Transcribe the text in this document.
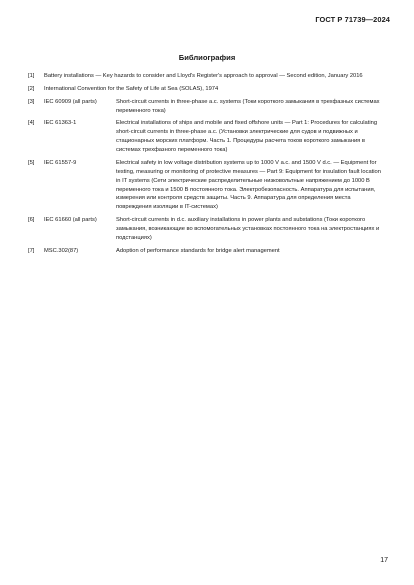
ГОСТ Р 71739—2024
Библиография
[1]	Battery installations — Key hazards to consider and Lloyd's Register's approach to approval — Second edition, January 2016
[2]	International Convention for the Safety of Life at Sea (SOLAS), 1974
[3]	IEC 60909 (all parts)	Short-circuit currents in three-phase a.c. systems (Токи короткого замыкания в трехфазных системах переменного тока)
[4]	IEC 61363-1	Electrical installations of ships and mobile and fixed offshore units — Part 1: Procedures for calculating short-circuit currents in three-phase a.c. (Установки электрические для судов и подвижных и стационарных морских платформ. Часть 1. Процедуры расчета токов короткого замыкания в системах трехфазного переменного тока)
[5]	IEC 61557-9	Electrical safety in low voltage distribution systems up to 1000 V a.c. and 1500 V d.c. — Equipment for testing, measuring or monitoring of protective measures — Part 9: Equipment for insulation fault location in IT systems (Сети электрические распределительные низковольтные напряжением до 1000 В переменного тока и 1500 В постоянного тока. Электробезопасность. Аппаратура для испытания, измерения или контроля средств защиты. Часть 9. Аппаратура для определения места повреждения изоляции в IT-системах)
[6]	IEC 61660 (all parts)	Short-circuit currents in d.c. auxiliary installations in power plants and substations (Токи короткого замыкания, возникающие во вспомогательных установках постоянного тока на электростанциях и подстанциях)
[7]	MSC.302(87)	Adoption of performance standards for bridge alert management
17
